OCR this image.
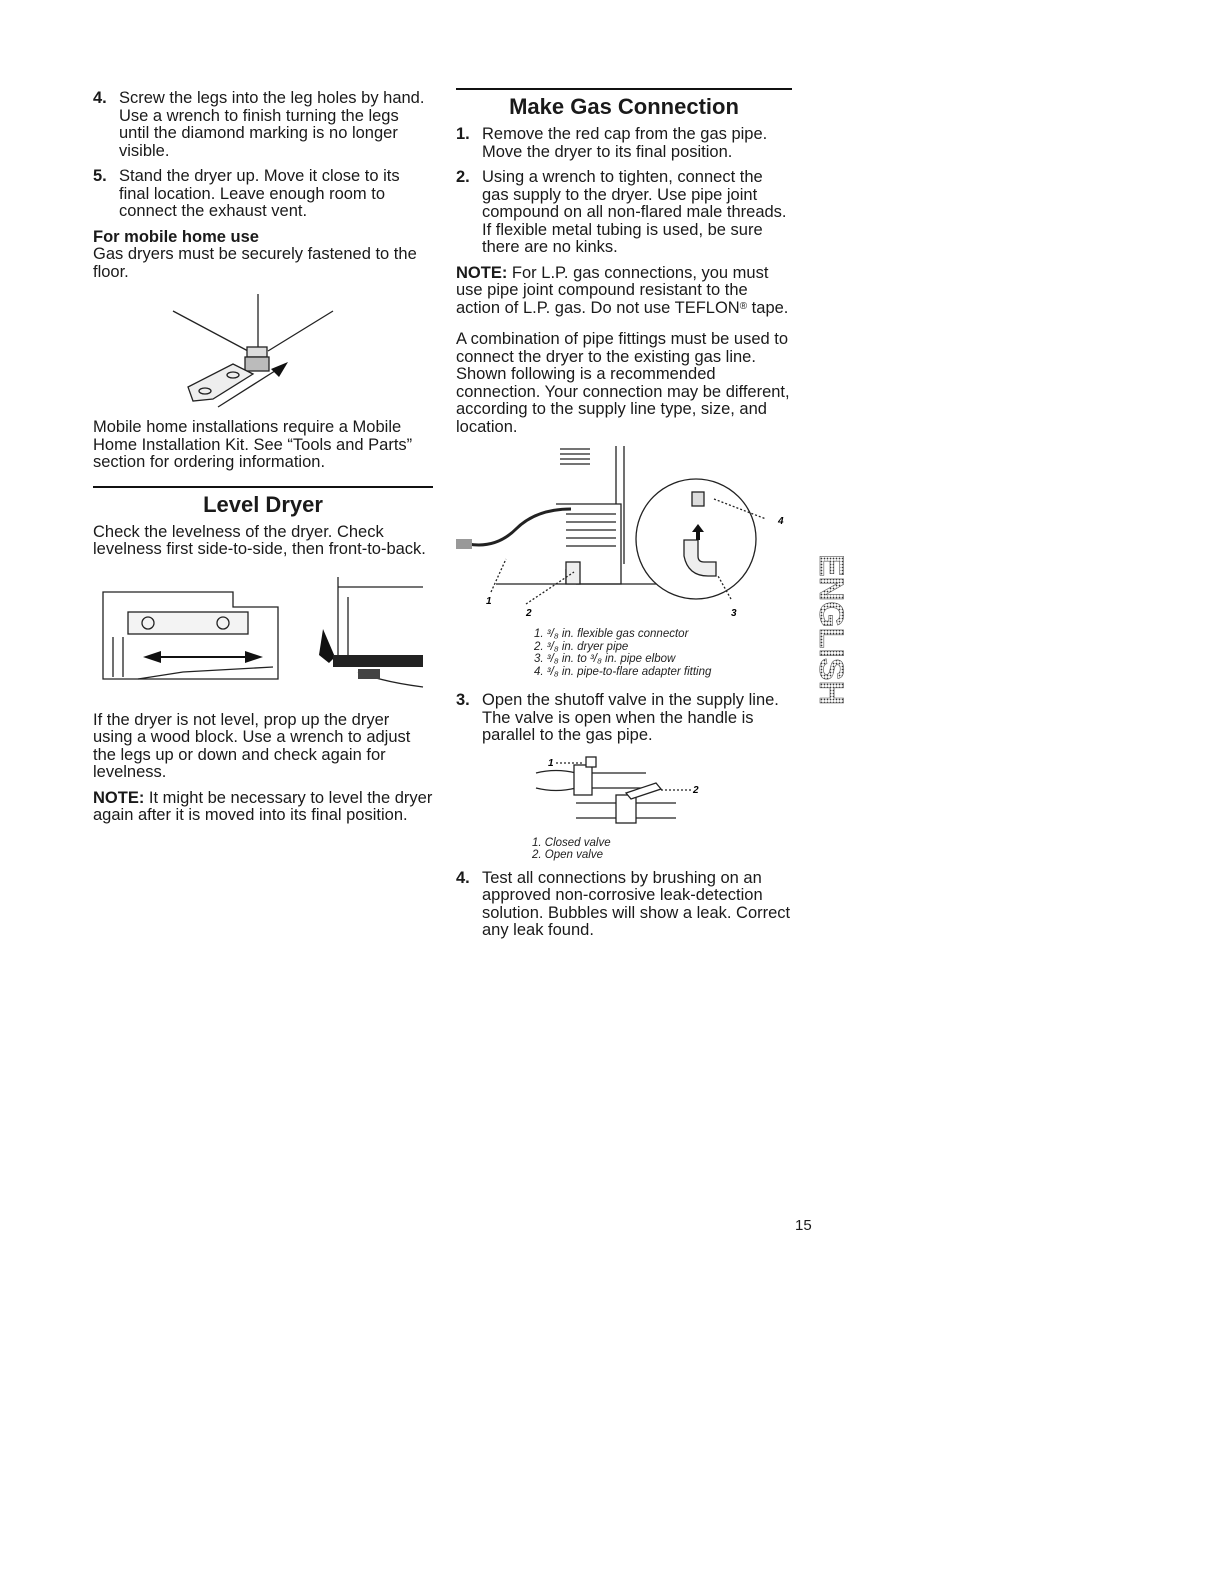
4. Screw the legs into the leg holes by hand. Use a wrench to finish turning the legs until the diamond marking is no longer visible.
5. Stand the dryer up. Move it close to its final location. Leave enough room to connect the exhaust vent.
For mobile home use
Gas dryers must be securely fastened to the floor.
Mobile home installations require a Mobile Home Installation Kit. See “Tools and Parts” section for ordering information.
Level Dryer
Check the levelness of the dryer. Check levelness first side-to-side, then front-to-back.
If the dryer is not level, prop up the dryer using a wood block. Use a wrench to adjust the legs up or down and check again for levelness.
NOTE: It might be necessary to level the dryer again after it is moved into its final position.
Make Gas Connection
1. Remove the red cap from the gas pipe. Move the dryer to its final position.
2. Using a wrench to tighten, connect the gas supply to the dryer. Use pipe joint compound on all non-flared male threads. If flexible metal tubing is used, be sure there are no kinks.
NOTE: For L.P. gas connections, you must use pipe joint compound resistant to the action of L.P. gas. Do not use TEFLON® tape.
A combination of pipe fittings must be used to connect the dryer to the existing gas line. Shown following is a recommended connection. Your connection may be different, according to the supply line type, size, and location.
1
2	3
4
1. ³/₈ in. flexible gas connector
2. ³/₈ in. dryer pipe
3. ³/₈ in. to ³/₈ in. pipe elbow
4. ³/₈ in. pipe-to-flare adapter fitting
3. Open the shutoff valve in the supply line. The valve is open when the handle is parallel to the gas pipe.
1
2
1. Closed valve
2. Open valve
4. Test all connections by brushing on an approved non-corrosive leak-detection solution. Bubbles will show a leak. Correct any leak found.
ENGLISH
15
